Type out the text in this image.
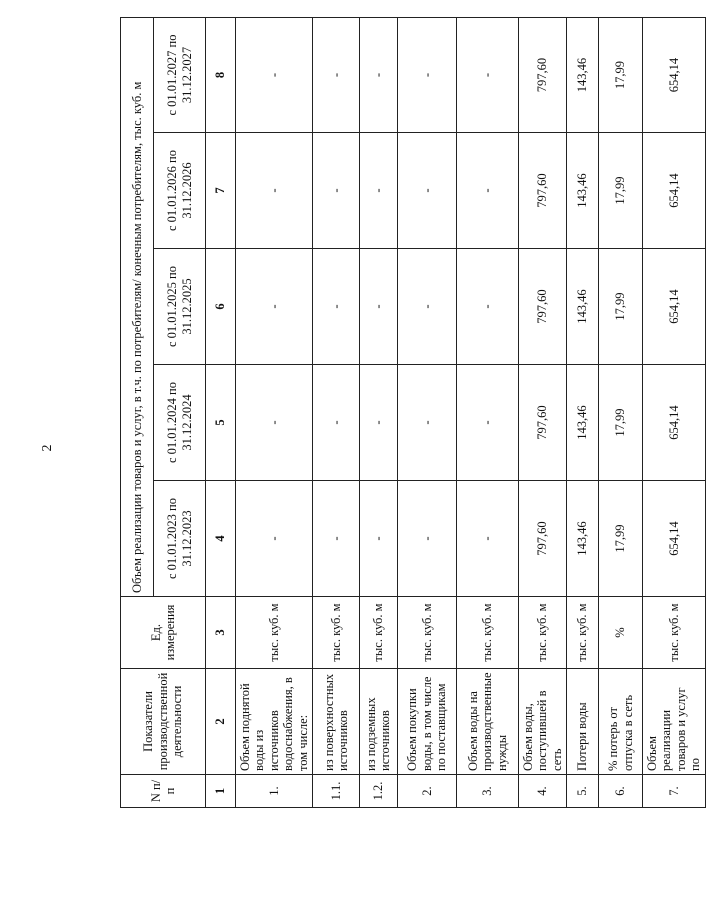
2
N п/п	Показатели производственной деятельности	Ед. измерения	Объем реализации товаров и услуг, в т.ч. по потребителям/ конечным потребителям, тыс. куб. м				
			с 01.01.2023 по 31.12.2023	с 01.01.2024 по 31.12.2024	с 01.01.2025 по 31.12.2025	с 01.01.2026 по 31.12.2026	с 01.01.2027 по 31.12.2027
1	2	3	4	5	6	7	8
1.	Объем поднятой воды из источников водоснабжения, в том числе:	тыс. куб. м	-	-	-	-	-
1.1.	из поверхностных источников	тыс. куб. м	-	-	-	-	-
1.2.	из подземных источников	тыс. куб. м	-	-	-	-	-
2.	Объем покупки воды, в том числе по поставщикам	тыс. куб. м	-	-	-	-	-
3.	Объем воды на производственные нужды	тыс. куб. м	-	-	-	-	-
4.	Объем воды, поступившей в сеть	тыс. куб. м	797,60	797,60	797,60	797,60	797,60
5.	Потери воды	тыс. куб. м	143,46	143,46	143,46	143,46	143,46
6.	% потерь от отпуска в сеть	%	17,99	17,99	17,99	17,99	17,99
7.	Объем реализации товаров и услуг по	тыс. куб. м	654,14	654,14	654,14	654,14	654,14
